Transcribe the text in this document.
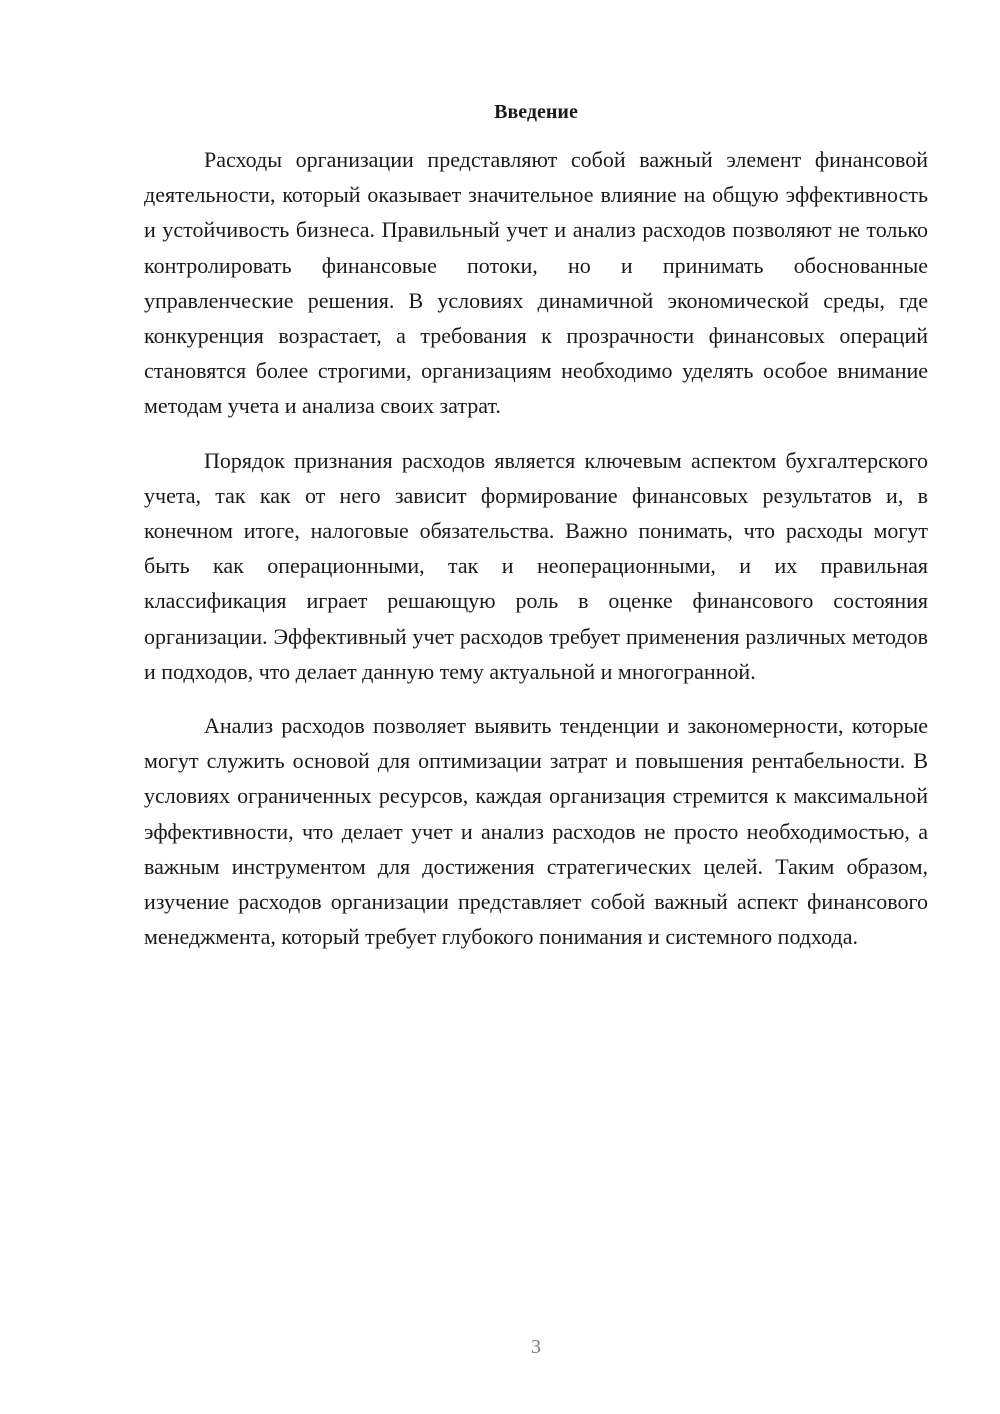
Введение

Расходы организации представляют собой важный элемент финансовой деятельности, который оказывает значительное влияние на общую эффективность и устойчивость бизнеса. Правильный учет и анализ расходов позволяют не только контролировать финансовые потоки, но и принимать обоснованные управленческие решения. В условиях динамичной экономической среды, где конкуренция возрастает, а требования к прозрачности финансовых операций становятся более строгими, организациям необходимо уделять особое внимание методам учета и анализа своих затрат.

Порядок признания расходов является ключевым аспектом бухгалтерского учета, так как от него зависит формирование финансовых результатов и, в конечном итоге, налоговые обязательства. Важно понимать, что расходы могут быть как операционными, так и неоперационными, и их правильная классификация играет решающую роль в оценке финансового состояния организации. Эффективный учет расходов требует применения различных методов и подходов, что делает данную тему актуальной и многогранной.

Анализ расходов позволяет выявить тенденции и закономерности, которые могут служить основой для оптимизации затрат и повышения рентабельности. В условиях ограниченных ресурсов, каждая организация стремится к максимальной эффективности, что делает учет и анализ расходов не просто необходимостью, а важным инструментом для достижения стратегических целей. Таким образом, изучение расходов организации представляет собой важный аспект финансового менеджмента, который требует глубокого понимания и системного подхода.

3
